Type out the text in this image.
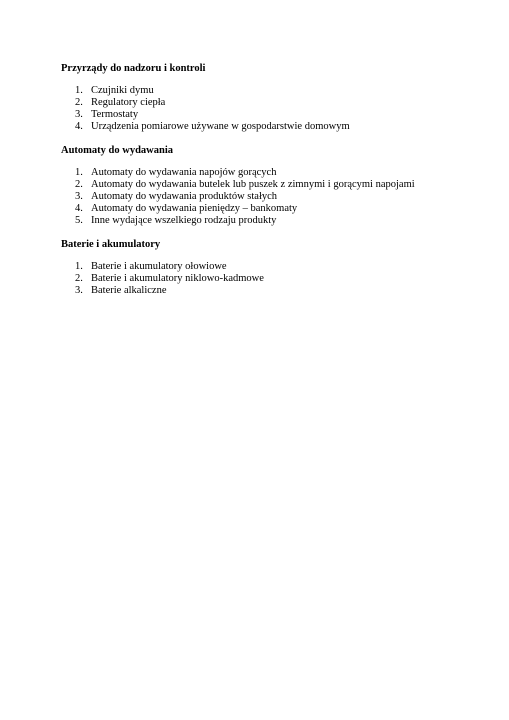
Przyrządy do nadzoru i kontroli
1. Czujniki dymu
2. Regulatory ciepła
3. Termostaty
4. Urządzenia pomiarowe używane w gospodarstwie domowym
Automaty do wydawania
1. Automaty do wydawania napojów gorących
2. Automaty do wydawania butelek lub puszek z zimnymi i gorącymi napojami
3. Automaty do wydawania produktów stałych
4. Automaty do wydawania pieniędzy – bankomaty
5. Inne wydające wszelkiego rodzaju produkty
Baterie i akumulatory
1. Baterie i akumulatory ołowiowe
2. Baterie i akumulatory niklowo-kadmowe
3. Baterie alkaliczne
